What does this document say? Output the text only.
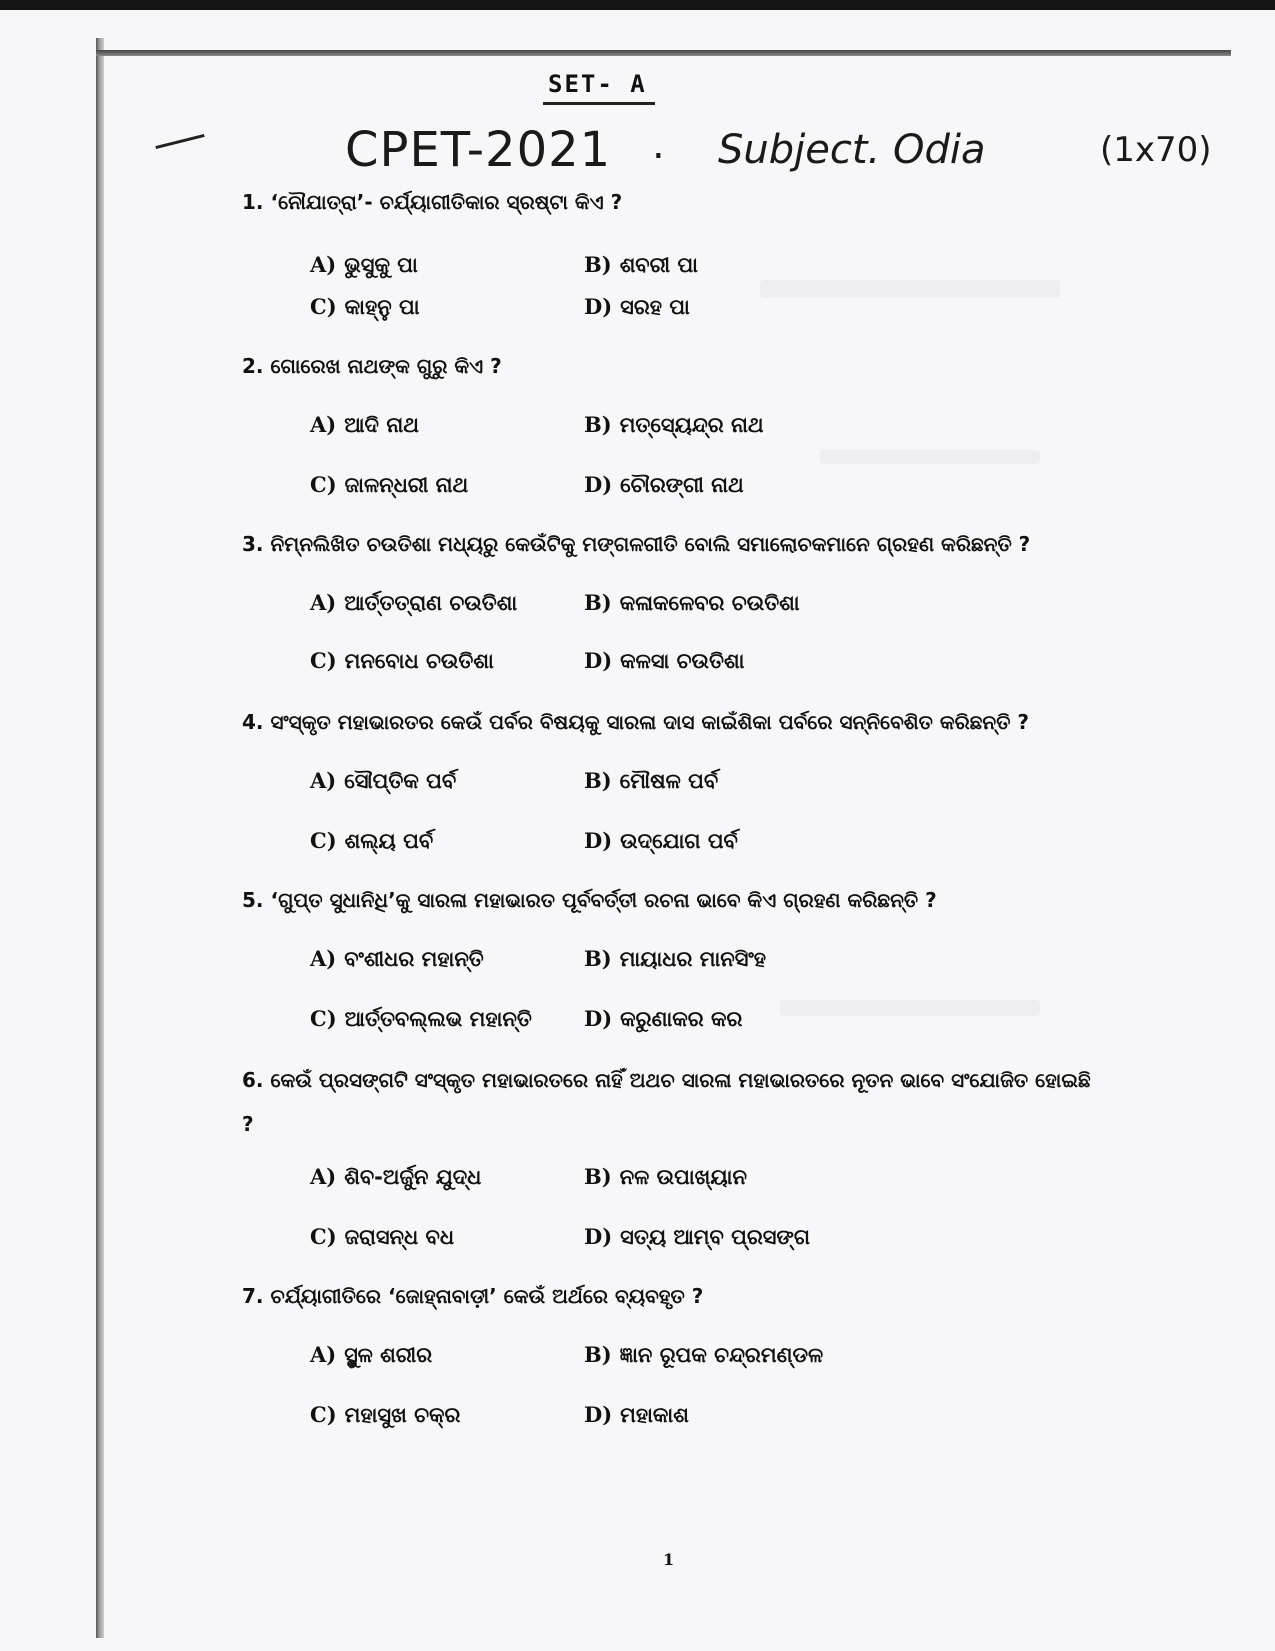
SET- A
CPET-2021 . Subject. Odia	(1x70)
1. ‘ନୌଯାତ୍ରା’- ଚର୍ଯ୍ୟାଗୀତିକାର ସ୍ରଷ୍ଟା କିଏ ?
A) ଭୁସୁକୁ ପା	B) ଶବରୀ ପା
C) କାହ୍ନୁ ପା	D) ସରହ ପା
2. ଗୋରେଖ ନାଥଙ୍କ ଗୁରୁ କିଏ ?
A) ଆଦି ନାଥ	B) ମତ୍ସ୍ୟେନ୍ଦ୍ର ନାଥ
C) ଜାଳନ୍ଧରୀ ନାଥ	D) ଚୌରଙ୍ଗୀ ନାଥ
3. ନିମ୍ନଲିଖିତ ଚଉତିଶା ମଧ୍ୟରୁ କେଉଁଟିକୁ ମଙ୍ଗଳଗୀତି ବୋଲି ସମାଲୋଚକମାନେ ଗ୍ରହଣ କରିଛନ୍ତି ?
A) ଆର୍ତ୍ତତ୍ରାଣ ଚଉତିଶା	B) କଳାକଳେବର ଚଉତିଶା
C) ମନବୋଧ ଚଉତିଶା	D) କଳସା ଚଉତିଶା
4. ସଂସ୍କୃତ ମହାଭାରତର କେଉଁ ପର୍ବର ବିଷୟକୁ ସାରଳା ଦାସ କାଇଁଶିକା ପର୍ବରେ ସନ୍ନିବେଶିତ କରିଛନ୍ତି ?
A) ସୌପ୍ତିକ ପର୍ବ	B) ମୌଷଳ ପର୍ବ
C) ଶଲ୍ୟ ପର୍ବ	D) ଉଦ୍‌ଯୋଗ ପର୍ବ
5. ‘ଗୁପ୍ତ ସୁଧାନିଧି’କୁ ସାରଳା ମହାଭାରତ ପୂର୍ବବର୍ତ୍ତୀ ରଚନା ଭାବେ କିଏ ଗ୍ରହଣ କରିଛନ୍ତି ?
A) ବଂଶୀଧର ମହାନ୍ତି	B) ମାୟାଧର ମାନସିଂହ
C) ଆର୍ତ୍ତବଲ୍ଲଭ ମହାନ୍ତି D) କରୁଣାକର କର
6. କେଉଁ ପ୍ରସଙ୍ଗଟି ସଂସ୍କୃତ ମହାଭାରତରେ ନାହିଁ ଅଥଚ ସାରଳା ମହାଭାରତରେ ନୂତନ ଭାବେ ସଂଯୋଜିତ ହୋଇଛି ?
A) ଶିବ-ଅର୍ଜୁନ ଯୁଦ୍ଧ	B) ନଳ ଉପାଖ୍ୟାନ
C) ଜରାସନ୍ଧ ବଧ	D) ସତ୍ୟ ଆମ୍ବ ପ୍ରସଙ୍ଗ
7. ଚର୍ଯ୍ୟାଗୀତିରେ ‘ଜୋହ୍ନାବାଡ଼ୀ’ କେଉଁ ଅର୍ଥରେ ବ୍ୟବହୃତ ?
A) ସ୍ଥୁଳ ଶରୀର	B) ଜ୍ଞାନ ରୂପକ ଚନ୍ଦ୍ରମଣ୍ଡଳ
C) ମହାସୁଖ ଚକ୍ର	D) ମହାକାଶ
1
